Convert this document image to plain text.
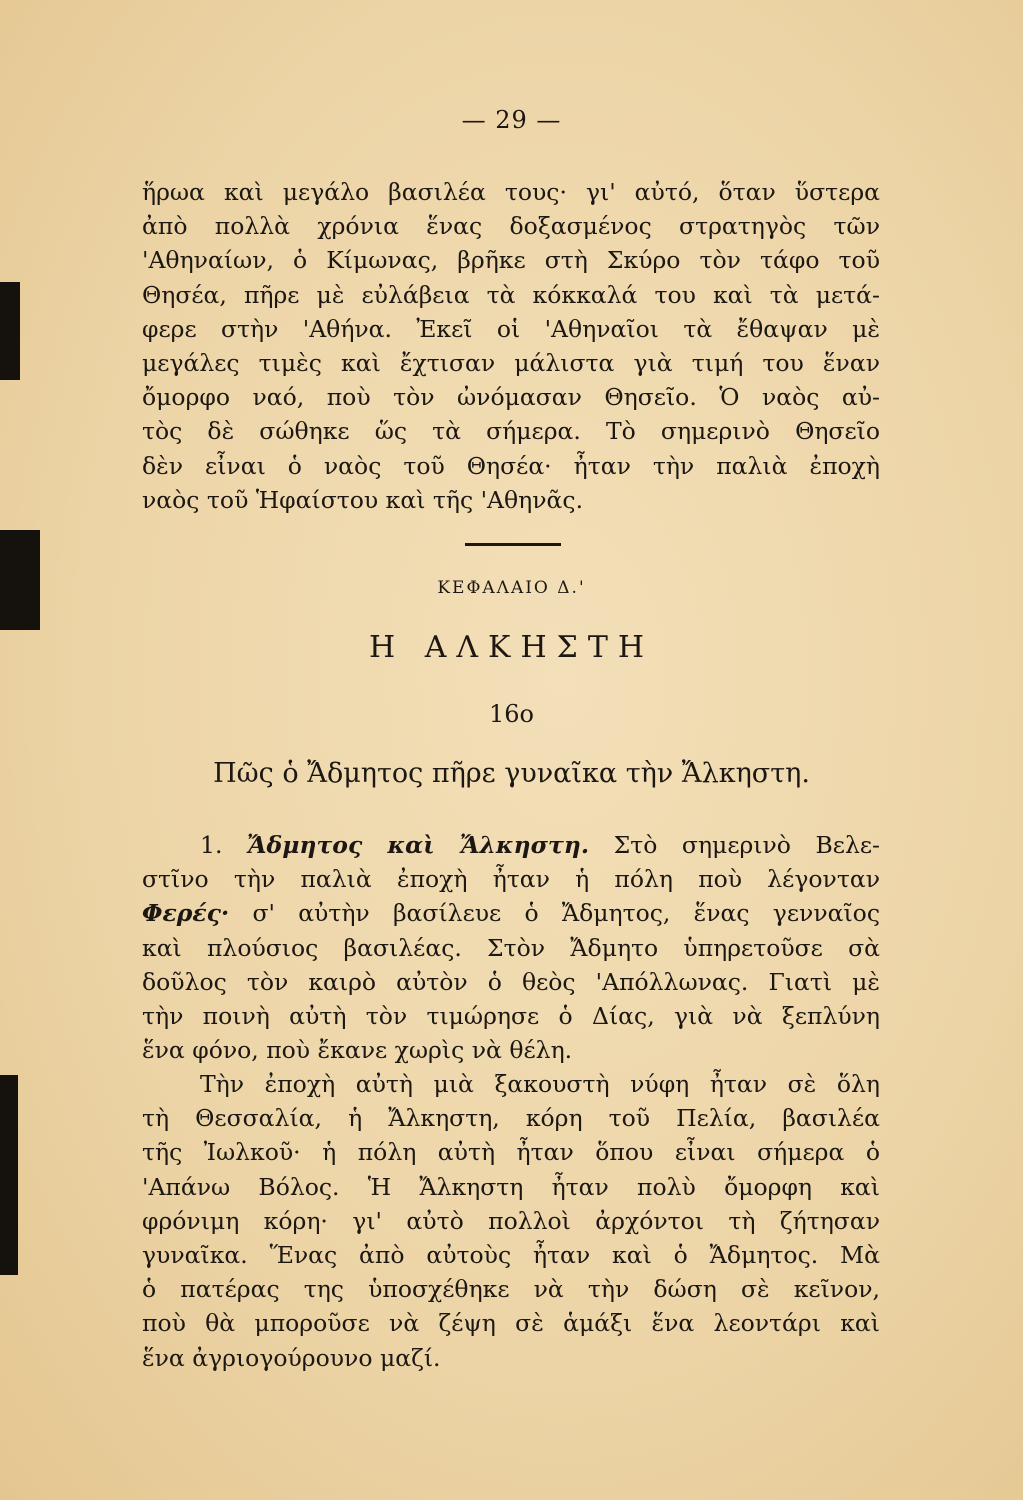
— 29 —
ἥρωα καὶ μεγάλο βασιλέα τους· γι' αὐτό, ὅταν ὕστερα
ἀπὸ πολλὰ χρόνια ἕνας δοξασμένος στρατηγὸς τῶν
'Αθηναίων, ὁ Κίμωνας, βρῆκε στὴ Σκύρο τὸν τάφο τοῦ
Θησέα, πῆρε μὲ εὐλάβεια τὰ κόκκαλά του καὶ τὰ μετά-
φερε στὴν 'Αθήνα. Ἐκεῖ οἱ 'Αθηναῖοι τὰ ἔθαψαν μὲ
μεγάλες τιμὲς καὶ ἔχτισαν μάλιστα γιὰ τιμή του ἕναν
ὄμορφο ναό, ποὺ τὸν ὠνόμασαν Θησεῖο. Ὁ ναὸς αὐ-
τὸς δὲ σώθηκε ὥς τὰ σήμερα. Τὸ σημερινὸ Θησεῖο
δὲν εἶναι ὁ ναὸς τοῦ Θησέα· ἦταν τὴν παλιὰ ἐποχὴ
ναὸς τοῦ Ἡφαίστου καὶ τῆς 'Αθηνᾶς.
ΚΕΦΑΛΑΙΟ Δ.'
Η ΑΛΚΗΣΤΗ
16ο
Πῶς ὁ Ἄδμητος πῆρε γυναῖκα τὴν Ἄλκηστη.
1. Ἄδμητος καὶ Ἄλκηστη. Στὸ σημερινὸ Βελε-
στῖνο τὴν παλιὰ ἐποχὴ ἦταν ἡ πόλη ποὺ λέγονταν
Φερές· σ' αὐτὴν βασίλευε ὁ Ἄδμητος, ἕνας γενναῖος
καὶ πλούσιος βασιλέας. Στὸν Ἄδμητο ὑπηρετοῦσε σὰ
δοῦλος τὸν καιρὸ αὐτὸν ὁ θεὸς 'Απόλλωνας. Γιατὶ μὲ
τὴν ποινὴ αὐτὴ τὸν τιμώρησε ὁ Δίας, γιὰ νὰ ξεπλύνη
ἕνα φόνο, ποὺ ἔκανε χωρὶς νὰ θέλη.
Τὴν ἐποχὴ αὐτὴ μιὰ ξακουστὴ νύφη ἦταν σὲ ὅλη
τὴ Θεσσαλία, ἡ Ἄλκηστη, κόρη τοῦ Πελία, βασιλέα
τῆς Ἰωλκοῦ· ἡ πόλη αὐτὴ ἦταν ὅπου εἶναι σήμερα ὁ
'Απάνω Βόλος. Ἡ Ἄλκηστη ἦταν πολὺ ὄμορφη καὶ
φρόνιμη κόρη· γι' αὐτὸ πολλοὶ ἀρχόντοι τὴ ζήτησαν
γυναῖκα. Ἕνας ἀπὸ αὐτοὺς ἦταν καὶ ὁ Ἄδμητος. Μὰ
ὁ πατέρας της ὑποσχέθηκε νὰ τὴν δώση σὲ κεῖνον,
ποὺ θὰ μποροῦσε νὰ ζέψη σὲ ἁμάξι ἕνα λεοντάρι καὶ
ἕνα ἀγριογούρουνο μαζί.
